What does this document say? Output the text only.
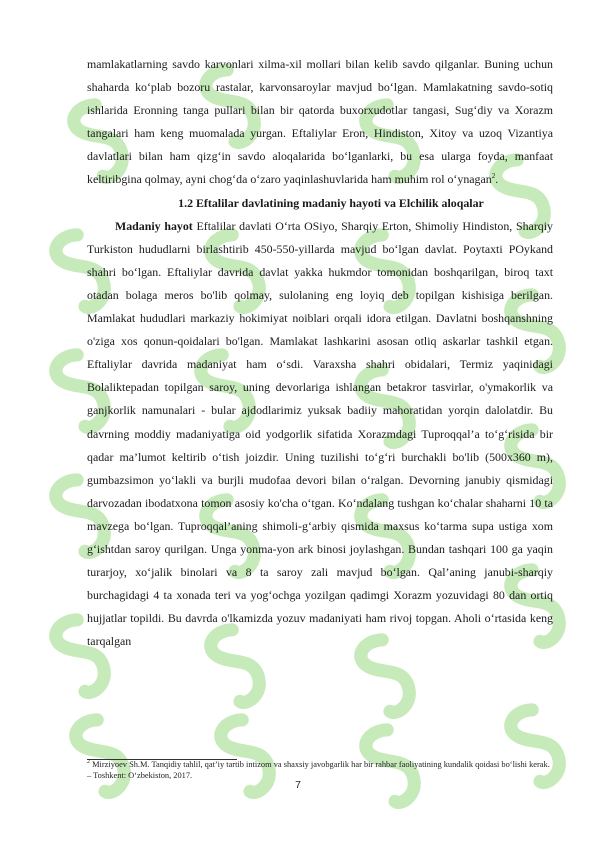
mamlakatlarning savdo karvonlari xilma-xil mollari bilan kelib savdo qilganlar. Buning uchun shaharda ko‘plab bozoru rastalar, karvonsaroylar mavjud bo‘lgan. Mamlakatning savdo-sotiq ishlarida Eronning tanga pullari bilan bir qatorda buxorxudotlar tangasi, Sug‘diy va Xorazm tangalari ham keng muomalada yurgan. Eftaliylar Eron, Hindiston, Xitoy va uzoq Vizantiya davlatlari bilan ham qizg‘in savdo aloqalarida bo‘lganlarki, bu esa ularga foyda, manfaat keltiribgina qolmay, ayni chog‘da o‘zaro yaqinlashuvlarida ham muhim rol o‘ynagan$^2$.

1.2 Eftalilar davlatining madaniy hayoti va Elchilik aloqalar

Madaniy hayot Eftalilar davlati O‘rta OSiyo, Sharqiy Erton, Shimoliy Hindiston, Sharqiy Turkiston hududlarni birlashtirib 450-550-yillarda mavjud bo‘lgan davlat. Poytaxti POykand shahri bo‘lgan. Eftaliylar davrida davlat yakka hukmdor tomonidan boshqarilgan, biroq taxt otadan bolaga meros bo'lib qolmay, sulolaning eng loyiq deb topilgan kishisiga berilgan. Mamlakat hududlari markaziy hokimiyat noiblari orqali idora etilgan. Davlatni boshqanshning o'ziga xos qonun-qoidalari bo'lgan. Mamlakat lashkarini asosan otliq askarlar tashkil etgan. Eftaliylar davrida madaniyat ham o‘sdi. Varaxsha shahri obidalari, Termiz yaqinidagi Bolaliktepadan topilgan saroy, uning devorlariga ishlangan betakror tasvirlar, o'ymakorlik va ganjkorlik namunalari - bular ajdodlarimiz yuksak badiiy mahoratidan yorqin dalolatdir. Bu davrning moddiy madaniyatiga oid yodgorlik sifatida Xorazmdagi Tuproqqal’a to‘g‘risida bir qadar ma’lumot keltirib o‘tish joizdir. Uning tuzilishi to‘g‘ri burchakli bo'lib (500x360 m), gumbazsimon yo‘lakli va burjli mudofaa devori bilan o‘ralgan. Devorning janubiy qismidagi darvozadan ibodatxona tomon asosiy ko'cha o‘tgan. Ko‘ndalang tushgan ko‘chalar shaharni 10 ta mavzega bo‘lgan. Tuproqqal’aning shimoli-g‘arbiy qismida maxsus ko‘tarma supa ustiga xom g‘ishtdan saroy qurilgan. Unga yonma-yon ark binosi joylashgan. Bundan tashqari 100 ga yaqin turarjoy, xo‘jalik binolari va 8 ta saroy zali mavjud bo‘lgan. Qal’aning janubi-sharqiy burchagidagi 4 ta xonada teri va yog‘ochga yozilgan qadimgi Xorazm yozuvidagi 80 dan ortiq hujjatlar topildi. Bu davrda o'lkamizda yozuv madaniyati ham rivoj topgan. Aholi o‘rtasida keng tarqalgan

$^2$ Mirziyoev Sh.M. Tanqidiy tahlil, qat’iy tartib intizom va shaxsiy javobgarlik har bir rahbar faoliyatining kundalik qoidasi bo‘lishi kerak. – Toshkent: O‘zbekiston, 2017.
7
